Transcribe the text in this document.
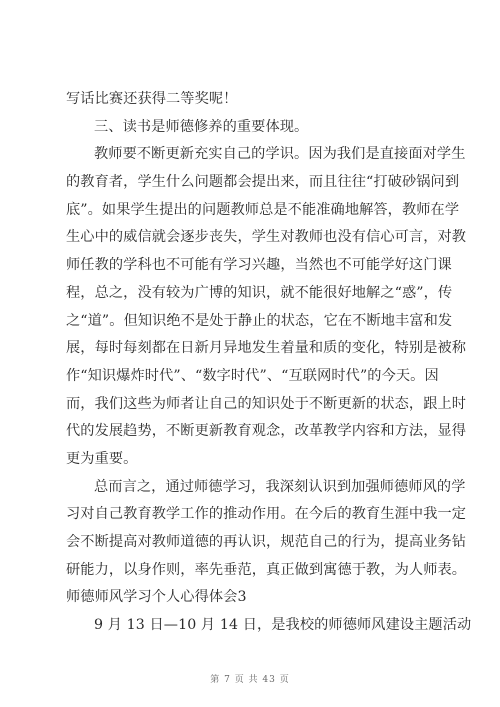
写话比赛还获得二等奖呢！
三、读书是师德修养的重要体现。
教师要不断更新充实自己的学识。因为我们是直接面对学生
的教育者，学生什么问题都会提出来，而且往往“打破砂锅问到
底”。如果学生提出的问题教师总是不能准确地解答，教师在学
生心中的威信就会逐步丧失，学生对教师也没有信心可言，对教
师任教的学科也不可能有学习兴趣，当然也不可能学好这门课
程，总之，没有较为广博的知识，就不能很好地解之“惑”，传
之“道”。但知识绝不是处于静止的状态，它在不断地丰富和发
展，每时每刻都在日新月异地发生着量和质的变化，特别是被称
作“知识爆炸时代”、“数字时代”、“互联网时代”的今天。因
而，我们这些为师者让自己的知识处于不断更新的状态，跟上时
代的发展趋势，不断更新教育观念，改革教学内容和方法，显得
更为重要。
总而言之，通过师德学习，我深刻认识到加强师德师风的学
习对自己教育教学工作的推动作用。在今后的教育生涯中我一定
会不断提高对教师道德的再认识，规范自己的行为，提高业务钻
研能力，以身作则，率先垂范，真正做到寓德于教，为人师表。
师德师风学习个人心得体会3
9 月 13 日—10 月 14 日，是我校的师德师风建设主题活动
第 7 页 共 43 页
